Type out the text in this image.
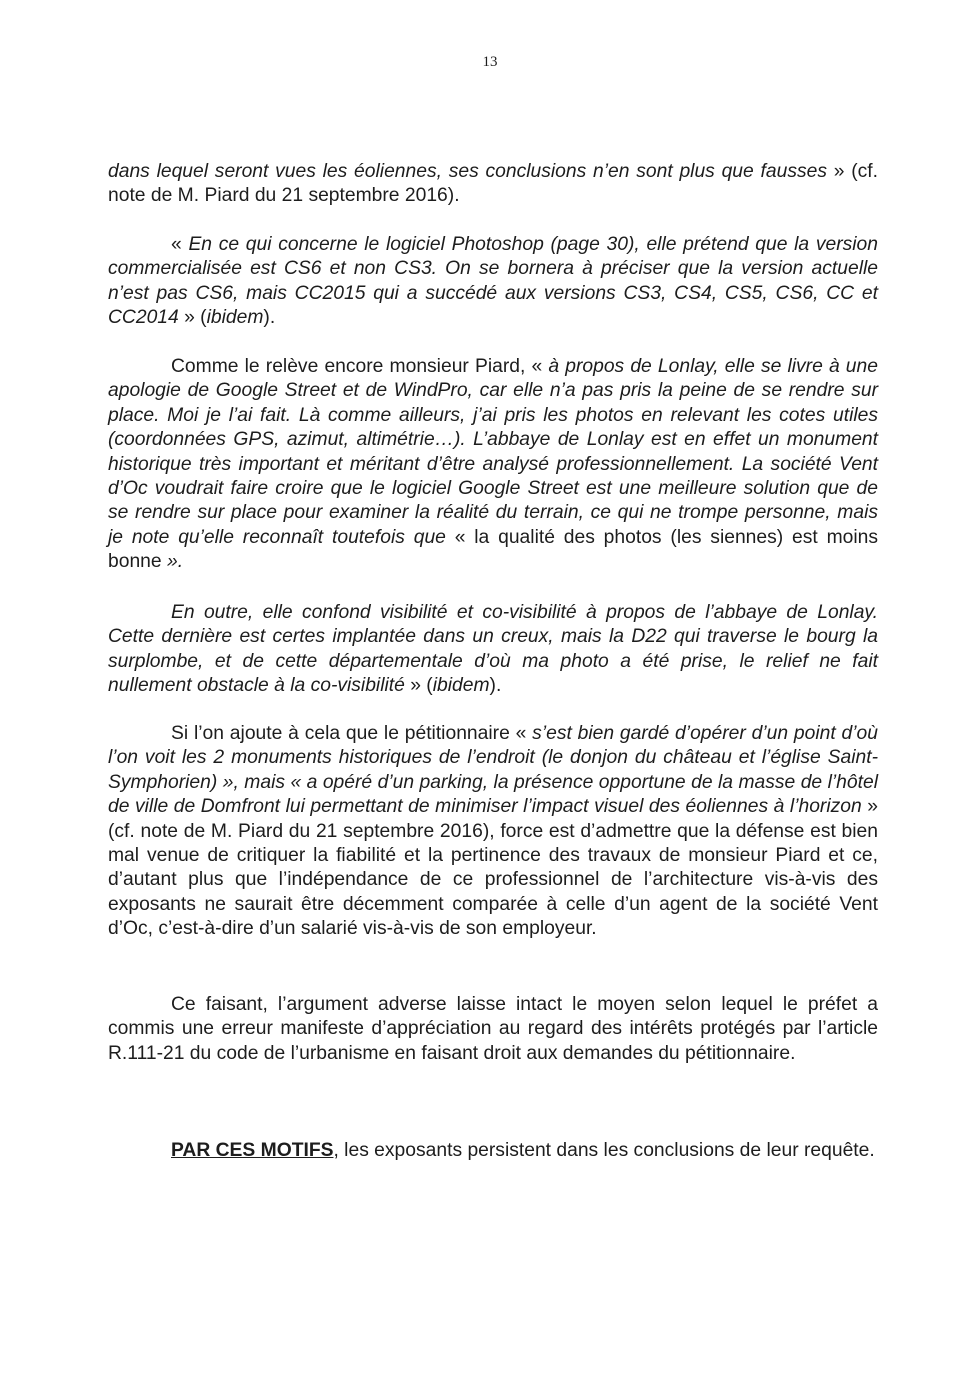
13

dans lequel seront vues les éoliennes, ses conclusions n’en sont plus que fausses » (cf. note de M. Piard du 21 septembre 2016).

« En ce qui concerne le logiciel Photoshop (page 30), elle prétend que la version commercialisée est CS6 et non CS3. On se bornera à préciser que la version actuelle n’est pas CS6, mais CC2015 qui a succédé aux versions CS3, CS4, CS5, CS6, CC et CC2014 » (ibidem).

Comme le relève encore monsieur Piard, « à propos de Lonlay, elle se livre à une apologie de Google Street et de WindPro, car elle n’a pas pris la peine de se rendre sur place. Moi je l’ai fait. Là comme ailleurs, j’ai pris les photos en relevant les cotes utiles (coordonnées GPS, azimut, altimétrie…). L’abbaye de Lonlay est en effet un monument historique très important et méritant d’être analysé professionnellement. La société Vent d’Oc voudrait faire croire que le logiciel Google Street est une meilleure solution que de se rendre sur place pour examiner la réalité du terrain, ce qui ne trompe personne, mais je note qu’elle reconnaît toutefois que « la qualité des photos (les siennes) est moins bonne ».

En outre, elle confond visibilité et co-visibilité à propos de l’abbaye de Lonlay. Cette dernière est certes implantée dans un creux, mais la D22 qui traverse le bourg la surplombe, et de cette départementale d’où ma photo a été prise, le relief ne fait nullement obstacle à la co-visibilité » (ibidem).

Si l’on ajoute à cela que le pétitionnaire « s’est bien gardé d’opérer d’un point d’où l’on voit les 2 monuments historiques de l’endroit (le donjon du château et l’église Saint-Symphorien) », mais « a opéré d’un parking, la présence opportune de la masse de l’hôtel de ville de Domfront lui permettant de minimiser l’impact visuel des éoliennes à l’horizon » (cf. note de M. Piard du 21 septembre 2016), force est d’admettre que la défense est bien mal venue de critiquer la fiabilité et la pertinence des travaux de monsieur Piard et ce, d’autant plus que l’indépendance de ce professionnel de l’architecture vis-à-vis des exposants ne saurait être décemment comparée à celle d’un agent de la société Vent d’Oc, c’est-à-dire d’un salarié vis-à-vis de son employeur.

Ce faisant, l’argument adverse laisse intact le moyen selon lequel le préfet a commis une erreur manifeste d’appréciation au regard des intérêts protégés par l’article R.111-21 du code de l’urbanisme en faisant droit aux demandes du pétitionnaire.

PAR CES MOTIFS, les exposants persistent dans les conclusions de leur requête.
